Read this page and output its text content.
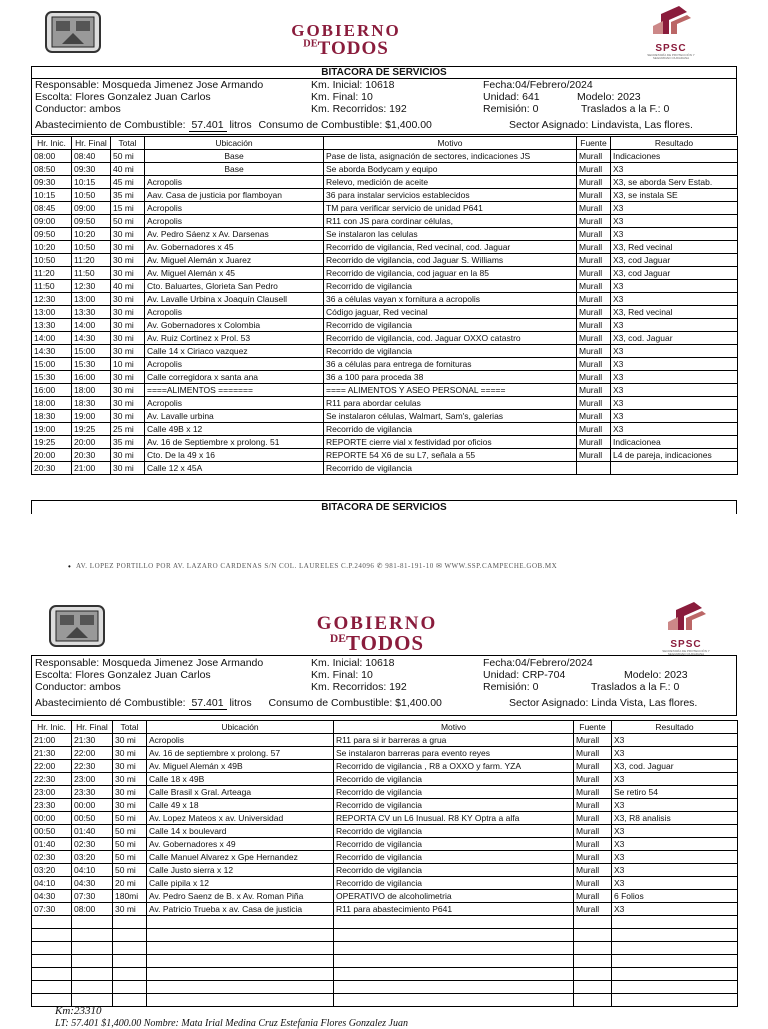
GOBIERNO
$^{DE}$TODOS	SPSC
SECRETARÍA DE PROTECCIÓN Y SEGURIDAD CIUDADANA
BITACORA DE SERVICIOS
Responsable: Mosqueda Jimenez Jose Armando
Escolta: Flores Gonzalez Juan Carlos
Conductor: ambos
Km. Inicial: 10618
Km. Final: 10
Km. Recorridos: 192
Fecha:04/Febrero/2024
Unidad: 641	Modelo: 2023
Remisión: 0	Traslados a la F.: 0
Abastecimiento de Combustible: 57.401 litros Consumo de Combustible: $1,400.00	Sector Asignado: Lindavista, Las flores.
Hr. Inic.	Hr. Final	Total	Ubicación	Motivo	Fuente	Resultado
08:00	08:40	50 mi	Base	Pase de lista, asignación de sectores, indicaciones JS	Murall	Indicaciones
08:50	09:30	40 mi	Base	Se aborda Bodycam y equipo	Murall	X3
09:30	10:15	45 mi	Acropolis	Relevo, medición de aceite	Murall	X3, se aborda Serv Estab.
10:15	10:50	35 mi	Aav. Casa de justicia por flamboyan	36 para instalar servicios establecidos	Murall	X3, se instala SE
08:45	09:00	15 mi	Acropolis	TM para verificar servicio de unidad P641	Murall	X3
09:00	09:50	50 mi	Acropolis	R11 con JS para cordinar células,	Murall	X3
09:50	10:20	30 mi	Av. Pedro Sáenz x Av. Darsenas	Se instalaron las celulas	Murall	X3
10:20	10:50	30 mi	Av. Gobernadores x 45	Recorrido de vigilancia, Red vecinal, cod. Jaguar	Murall	X3, Red vecinal
10:50	11:20	30 mi	Av. Miguel Alemán x Juarez	Recorrido de vigilancia, cod Jaguar S. Williams	Murall	X3, cod Jaguar
11:20	11:50	30 mi	Av. Miguel Alemán x 45	Recorrido de vigilancia, cod jaguar en la 85	Murall	X3, cod Jaguar
11:50	12:30	40 mi	Cto. Baluartes, Glorieta San Pedro	Recorrido de vigilancia	Murall	X3
12:30	13:00	30 mi	Av. Lavalle Urbina x Joaquín Clausell	36 a células vayan x fornitura a acropolis	Murall	X3
13:00	13:30	30 mi	Acropolis	Código jaguar, Red vecinal	Murall	X3, Red vecinal
13:30	14:00	30 mi	Av. Gobernadores x Colombia	Recorrido de vigilancia	Murall	X3
14:00	14:30	30 mi	Av. Ruiz Cortinez x Prol. 53	Recorrido de vigilancia, cod. Jaguar OXXO catastro	Murall	X3, cod. Jaguar
14:30	15:00	30 mi	Calle 14 x Ciriaco vazquez	Recorrido de vigilancia	Murall	X3
15:00	15:30	10 mi	Acropolis	36 a células para entrega de fornituras	Murall	X3
15:30	16:00	30 mi	Calle corregidora x santa ana	36 a 100 para proceda 38	Murall	X3
16:00	18:00	30 mi	====ALIMENTOS =======	==== ALIMENTOS Y ASEO PERSONAL =====	Murall	X3
18:00	18:30	30 mi	Acropolis	R11 para abordar celulas	Murall	X3
18:30	19:00	30 mi	Av. Lavalle urbina	Se instalaron células, Walmart, Sam's, galerias	Murall	X3
19:00	19:25	25 mi	Calle 49B x 12	Recorrido de vigilancia	Murall	X3
19:25	20:00	35 mi	Av. 16 de Septiembre x prolong. 51	REPORTE cierre vial x festividad por oficios	Murall	Indicacionea
20:00	20:30	30 mi	Cto. De la 49 x 16	REPORTE 54 X6 de su L7, señala a 55	Murall	L4 de pareja, indicaciones
20:30	21:00	30 mi	Calle 12 x 45A	Recorrido de vigilancia		
BITACORA DE SERVICIOS
AV. LOPEZ PORTILLO POR AV. LAZARO CARDENAS S/N COL. LAURELES C.P.24096 ✆ 981-81-191-10 ✉ WWW.SSP.CAMPECHE.GOB.MX
•
GOBIERNO
$^{DE}$TODOS	SPSC
SECRETARÍA DE PROTECCIÓN Y SEGURIDAD CIUDADANA
Responsable: Mosqueda Jimenez Jose Armando
Escolta: Flores Gonzalez Juan Carlos
Conductor: ambos
Km. Inicial: 10618
Km. Final: 10
Km. Recorridos: 192
Fecha:04/Febrero/2024
Unidad: CRP-704	Modelo: 2023
Remisión: 0	Traslados a la F.: 0
Abastecimiento dé Combustible: 57.401 litros Consumo de Combustible: $1,400.00	Sector Asignado: Linda Vista, Las flores.
Hr. Inic.	Hr. Final	Total	Ubicación	Motivo	Fuente	Resultado
21:00	21:30	30 mi	Acropolis	R11 para si ir barreras a grua	Murall	X3
21:30	22:00	30 mi	Av. 16 de septiembre x prolong. 57	Se instalaron barreras para evento reyes	Murall	X3
22:00	22:30	30 mi	Av. Miguel Alemán x 49B	Recorrido de vigilancia , R8 a OXXO y farm. YZA	Murall	X3, cod. Jaguar
22:30	23:00	30 mi	Calle 18 x 49B	Recorrido de vigilancia	Murall	X3
23:00	23:30	30 mi	Calle Brasil x Gral. Arteaga	Recorrido de vigilancia	Murall	Se retiro 54
23:30	00:00	30 mi	Calle 49 x 18	Recorrido de vigilancia	Murall	X3
00:00	00:50	50 mi	Av. Lopez Mateos x av. Universidad	REPORTA CV un L6 Inusual. R8 KY Optra a alfa	Murall	X3, R8 analisis
00:50	01:40	50 mi	Calle 14 x boulevard	Recorrido de vigilancia	Murall	X3
01:40	02:30	50 mi	Av. Gobernadores x 49	Recorrido de vigilancia	Murall	X3
02:30	03:20	50 mi	Calle Manuel Alvarez x Gpe Hernandez	Recorrido de vigilancia	Murall	X3
03:20	04:10	50 mi	Calle Justo sierra x 12	Recorrido de vigilancia	Murall	X3
04:10	04:30	20 mi	Calle pipila x 12	Recorrido de vigilancia	Murall	X3
04:30	07:30	180mi	Av. Pedro Saenz de B. x Av. Roman Piña	OPERATIVO de alcoholimetria	Murall	6 Folios
07:30	08:00	30 mi	Av. Patricio Trueba x av. Casa de justicia	R11 para abastecimiento P641	Murall	X3

Km:23310
LT: 57.401 $1,400.00 Nombre: Mata Irial Medina Cruz Estefania Flores Gonzalez Juan
